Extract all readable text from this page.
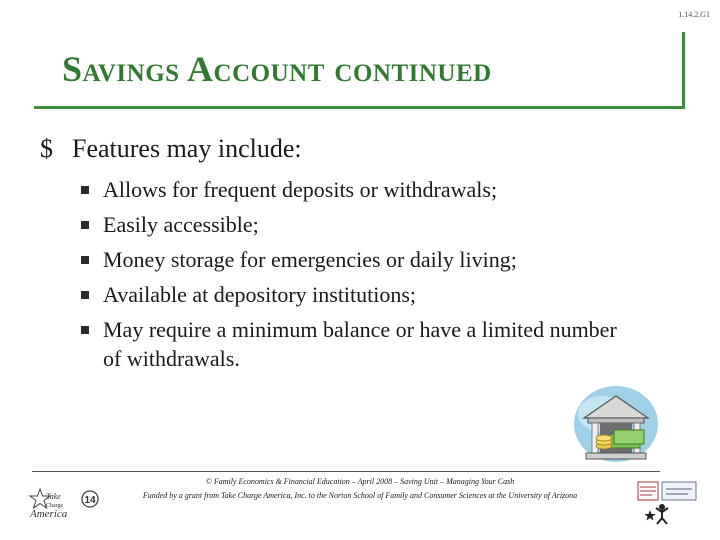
1.14.2.G1
Savings Account continued
$ Features may include:
Allows for frequent deposits or withdrawals;
Easily accessible;
Money storage for emergencies or daily living;
Available at depository institutions;
May require a minimum balance or have a limited number of withdrawals.
© Family Economics & Financial Education – April 2008 – Saving Unit – Managing Your Cash
Funded by a grant from Take Charge America, Inc. to the Norton School of Family and Consumer Sciences at the University of Arizona
Take
Charge
America
14
